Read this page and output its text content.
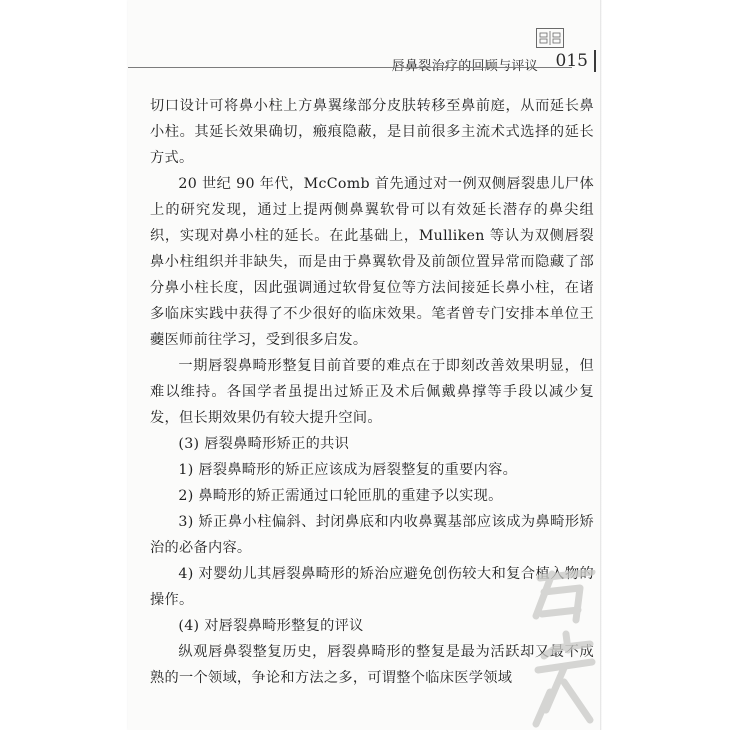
唇鼻裂治疗的回顾与评议 015

切口设计可将鼻小柱上方鼻翼缘部分皮肤转移至鼻前庭，从而延长鼻小柱。其延长效果确切，瘢痕隐蔽，是目前很多主流术式选择的延长方式。

20 世纪 90 年代，McComb 首先通过对一例双侧唇裂患儿尸体上的研究发现，通过上提两侧鼻翼软骨可以有效延长潜存的鼻尖组织，实现对鼻小柱的延长。在此基础上，Mulliken 等认为双侧唇裂鼻小柱组织并非缺失，而是由于鼻翼软骨及前颌位置异常而隐藏了部分鼻小柱长度，因此强调通过软骨复位等方法间接延长鼻小柱，在诸多临床实践中获得了不少很好的临床效果。笔者曾专门安排本单位王虁医师前往学习，受到很多启发。

一期唇裂鼻畸形整复目前首要的难点在于即刻改善效果明显，但难以维持。各国学者虽提出过矫正及术后佩戴鼻撑等手段以减少复发，但长期效果仍有较大提升空间。

(3) 唇裂鼻畸形矫正的共识

1) 唇裂鼻畸形的矫正应该成为唇裂整复的重要内容。

2) 鼻畸形的矫正需通过口轮匝肌的重建予以实现。

3) 矫正鼻小柱偏斜、封闭鼻底和内收鼻翼基部应该成为鼻畸形矫治的必备内容。

4) 对婴幼儿其唇裂鼻畸形的矫治应避免创伤较大和复合植入物的操作。

(4) 对唇裂鼻畸形整复的评议

纵观唇鼻裂整复历史，唇裂鼻畸形的整复是最为活跃却又最不成熟的一个领域，争论和方法之多，可谓整个临床医学领域
